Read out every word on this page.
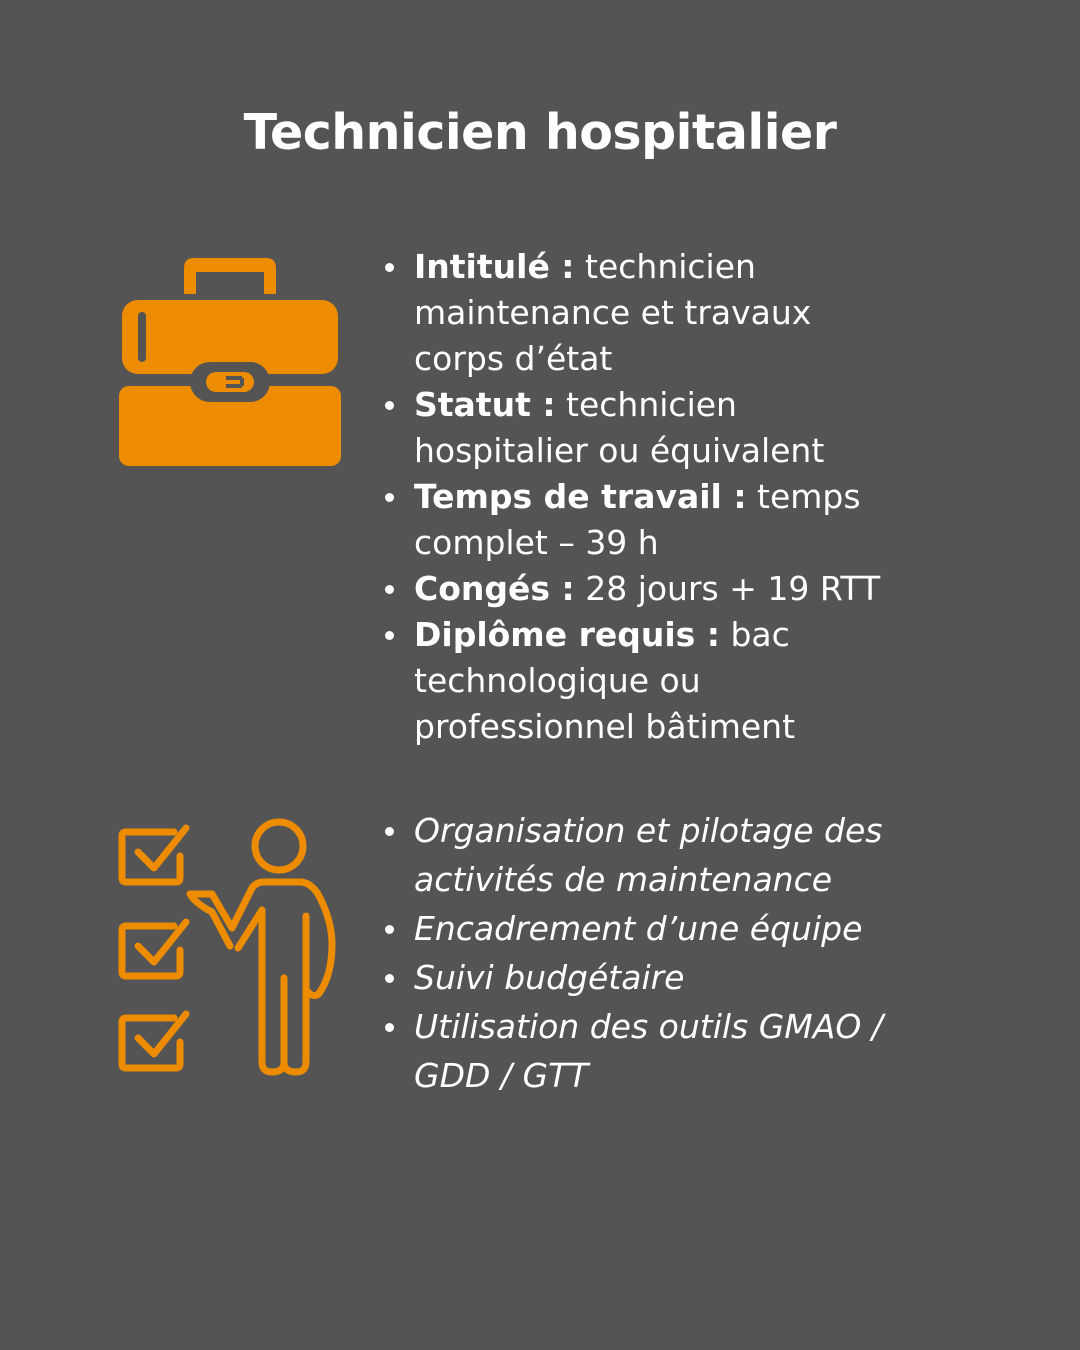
Technicien hospitalier
Intitulé : technicien maintenance et travaux corps d’état
Statut : technicien hospitalier ou équivalent
Temps de travail : temps complet – 39 h
Congés : 28 jours + 19 RTT
Diplôme requis : bac technologique ou professionnel bâtiment
Organisation et pilotage des activités de maintenance
Encadrement d’une équipe
Suivi budgétaire
Utilisation des outils GMAO / GDD / GTT
